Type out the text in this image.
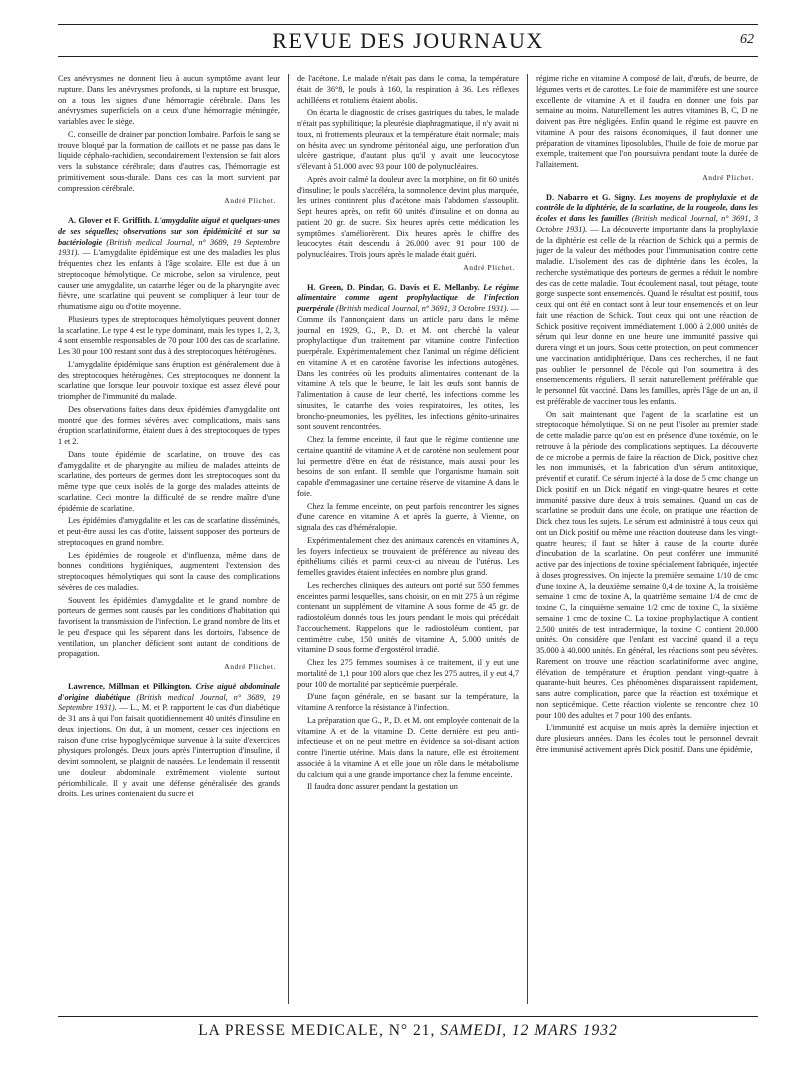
REVUE DES JOURNAUX	62

Ces anévrysmes ne donnent lieu à aucun symptôme avant leur rupture. Dans les anévrysmes profonds, si la rupture est brusque, on a tous les signes d'une hémorragie cérébrale. Dans les anévrysmes superficiels on a ceux d'une hémorragie méningée, variables avec le siège.

C. conseille de drainer par ponction lombaire. Parfois le sang se trouve bloqué par la formation de caillots et ne passe pas dans le liquide céphalo-rachidien, secondairement l'extension se fait alors vers la substance cérébrale; dans d'autres cas, l'hémorragie est primitivement sous-durale. Dans ces cas la mort survient par compression cérébrale.

André Plichet.

A. Glover et F. Griffith. L'amygdalite aiguë et quelques-unes de ses séquelles; observations sur son épidémicité et sur sa bactériologie (British medical Journal, n° 3689, 19 Septembre 1931). — L'amygdalite épidémique est une des maladies les plus fréquentes chez les enfants à l'âge scolaire. Elle est due à un streptocoque hémolytique. Ce microbe, selon sa virulence, peut causer une amygdalite, un catarrhe léger ou de la pharyngite avec fièvre, une scarlatine qui peuvent se compliquer à leur tour de rhumatisme aigu ou d'otite moyenne.

Plusieurs types de streptocoques hémolytiques peuvent donner la scarlatine. Le type 4 est le type dominant, mais les types 1, 2, 3, 4 sont ensemble responsables de 70 pour 100 des cas de scarlatine. Les 30 pour 100 restant sont dus à des streptocoques hétérogènes.

L'amygdalite épidémique sans éruption est généralement due à des streptocoques hétérogènes. Ces streptocoques ne donnent la scarlatine que lorsque leur pouvoir toxique est assez élevé pour triompher de l'immunité du malade.

Des observations faites dans deux épidémies d'amygdalite ont montré que des formes sévères avec complications, mais sans éruption scarlatiniforme, étaient dues à des streptocoques de types 1 et 2.

Dans toute épidémie de scarlatine, on trouve des cas d'amygdalite et de pharyngite au milieu de malades atteints de scarlatine, des porteurs de germes dont les streptocoques sont du même type que ceux isolés de la gorge des malades atteints de scarlatine. Ceci montre la difficulté de se rendre maître d'une épidémie de scarlatine.

Les épidémies d'amygdalite et les cas de scarlatine disséminés, et peut-être aussi les cas d'otite, laissent supposer des porteurs de streptocoques en grand nombre.

Les épidémies de rougeole et d'influenza, même dans de bonnes conditions hygiéniques, augmentent l'extension des streptocoques hémolytiques qui sont la cause des complications sévères de ces maladies.

Souvent les épidémies d'amygdalite et le grand nombre de porteurs de germes sont causés par les conditions d'habitation qui favorisent la transmission de l'infection. Le grand nombre de lits et le peu d'espace qui les séparent dans les dortoirs, l'absence de ventilation, un plancher déficient sont autant de conditions de propagation.

André Plichet.

Lawrence, Millman et Pilkington. Crise aiguë abdominale d'origine diabétique (British medical Journal, n° 3689, 19 Septembre 1931). — L., M. et P. rapportent le cas d'un diabétique de 31 ans à qui l'on faisait quotidiennement 40 unités d'insuline en deux injections. On dut, à un moment, cesser ces injections en raison d'une crise hypoglycémique survenue à la suite d'exercices physiques prolongés. Deux jours après l'interruption d'insuline, il devint somnolent, se plaignit de nausées. Le lendemain il ressentit une douleur abdominale extrêmement violente surtout périombilicale. Il y avait une défense généralisée des grands droits. Les urines contenaient du sucre et

de l'acétone. Le malade n'était pas dans le coma, la température était de 36°8, le pouls à 160, la respiration à 36. Les réflexes achilléens et rotuliens étaient abolis.

On écarta le diagnostic de crises gastriques du tabes, le malade n'était pas syphilitique; la pleurésie diaphragmatique, il n'y avait ni toux, ni frottements pleuraux et la température était normale; mais on hésita avec un syndrome péritonéal aigu, une perforation d'un ulcère gastrique, d'autant plus qu'il y avait une leucocytose s'élevant à 51.000 avec 93 pour 100 de polynucléaires.

Après avoir calmé la douleur avec la morphine, on fit 60 unités d'insuline; le pouls s'accéléra, la somnolence devint plus marquée, les urines continrent plus d'acétone mais l'abdomen s'assouplit. Sept heures après, on refit 60 unités d'insuline et on donna au patient 20 gr. de sucre. Six heures après cette médication les symptômes s'améliorèrent. Dix heures après le chiffre des leucocytes était descendu à 26.000 avec 91 pour 100 de polynucléaires. Trois jours après le malade était guéri.

André Plichet.

H. Green, D. Pindar, G. Davis et E. Mellanby. Le régime alimentaire comme agent prophylactique de l'infection puerpérale (British medical Journal, n° 3691, 3 Octobre 1931). — Comme ils l'annonçaient dans un article paru dans le même journal en 1929, G., P., D. et M. ont cherché la valeur prophylactique d'un traitement par vitamine contre l'infection puerpérale. Expérimentalement chez l'animal un régime déficient en vitamine A et en carotène favorise les infections autogènes. Dans les contrées où les produits alimentaires contenant de la vitamine A tels que le beurre, le lait les œufs sont bannis de l'alimentation à cause de leur cherté, les infections comme les sinusites, le catarrhe des voies respiratoires, les otites, les broncho-pneumonies, les pyélites, les infections génito-urinaires sont souvent rencontrées.

Chez la femme enceinte, il faut que le régime contienne une certaine quantité de vitamine A et de carotène non seulement pour lui permettre d'être en état de résistance, mais aussi pour les besoins de son enfant. Il semble que l'organisme humain soit capable d'emmagasiner une certaine réserve de vitamine A dans le foie.

Chez la femme enceinte, on peut parfois rencontrer les signes d'une carence en vitamine A et après la guerre, à Vienne, on signala des cas d'héméralopie.

Expérimentalement chez des animaux carencés en vitamines A, les foyers infectieux se trouvaient de préférence au niveau des épithéliums ciliés et parmi ceux-ci au niveau de l'utérus. Les femelles gravides étaient infectées en nombre plus grand.

Les recherches cliniques des auteurs ont porté sur 550 femmes enceintes parmi lesquelles, sans choisir, on en mit 275 à un régime contenant un supplément de vitamine A sous forme de 45 gr. de radiostoléum donnés tous les jours pendant le mois qui précédait l'accouchement. Rappelons que le radiostoléum contient, par centimètre cube, 150 unités de vitamine A, 5.000 unités de vitamine D sous forme d'ergostérol irradié.

Chez les 275 femmes soumises à ce traitement, il y eut une mortalité de 1,1 pour 100 alors que chez les 275 autres, il y eut 4,7 pour 100 de mortalité par septicémie puerpérale.

D'une façon générale, en se basant sur la température, la vitamine A renforce la résistance à l'infection.

La préparation que G., P., D. et M. ont employée contenait de la vitamine A et de la vitamine D. Cette dernière est peu anti-infectieuse et on ne peut mettre en évidence sa soi-disant action contre l'inertie utérine. Mais dans la nature, elle est étroitement associée à la vitamine A et elle joue un rôle dans le métabolisme du calcium qui a une grande importance chez la femme enceinte.

Il faudra donc assurer pendant la gestation un

régime riche en vitamine A composé de lait, d'œufs, de beurre, de légumes verts et de carottes. Le foie de mammifère est une source excellente de vitamine A et il faudra en donner une fois par semaine au moins. Naturellement les autres vitamines B, C, D ne doivent pas être négligées. Enfin quand le régime est pauvre en vitamine A pour des raisons économiques, il faut donner une préparation de vitamines liposolubles, l'huile de foie de morue par exemple, traitement que l'on poursuivra pendant toute la durée de l'allaitement.

André Plichet.

D. Nabarro et G. Signy. Les moyens de prophylaxie et de contrôle de la diphtérie, de la scarlatine, de la rougeole, dans les écoles et dans les familles (British medical Journal, n° 3691, 3 Octobre 1931). — La découverte importante dans la prophylaxie de la diphtérie est celle de la réaction de Schick qui a permis de juger de la valeur des méthodes pour l'immunisation contre cette maladie. L'isolement des cas de diphtérie dans les écoles, la recherche systématique des porteurs de germes a réduit le nombre des cas de cette maladie. Tout écoulement nasal, tout pétage, toute gorge suspecte sont ensemencés. Quand le résultat est positif, tous ceux qui ont été en contact sont à leur tour ensemencés et on leur fait une réaction de Schick. Tout ceux qui ont une réaction de Schick positive reçoivent immédiatement 1.000 à 2.000 unités de sérum qui leur donne en une heure une immunité passive qui durera vingt et un jours. Sous cette protection, on peut commencer une vaccination antidiphtérique. Dans ces recherches, il ne faut pas oublier le personnel de l'école qui l'on soumettra à des ensemencements réguliers. Il serait naturellement préférable que le personnel fût vacciné. Dans les familles, après l'âge de un an, il est préférable de vacciner tous les enfants.

On sait maintenant que l'agent de la scarlatine est un streptocoque hémolytique. Si on ne peut l'isoler au premier stade de cette maladie parce qu'on est en présence d'une toxémie, on le retrouve à la période des complications septiques. La découverte de ce microbe a permis de faire la réaction de Dick, positive chez les non immunisés, et la fabrication d'un sérum antitoxique, préventif et curatif. Ce sérum injecté à la dose de 5 cmc change un Dick positif en un Dick négatif en vingt-quatre heures et cette immunité passive dure deux à trois semaines. Quand un cas de scarlatine se produit dans une école, on pratique une réaction de Dick chez tous les sujets. Le sérum est administré à tous ceux qui ont un Dick positif ou même une réaction douteuse dans les vingt-quatre heures; il faut se hâter à cause de la courte durée d'incubation de la scarlatine. On peut conférer une immunité active par des injections de toxine spécialement fabriquée, injectée à doses progressives. On injecte la première semaine 1/10 de cmc d'une toxine A, la deuxième semaine 0,4 de toxine A, la troisième semaine 1 cmc de toxine A, la quatrième semaine 1/4 de cmc de toxine C, la cinquième semaine 1/2 cmc de toxine C, la sixième semaine 1 cmc de toxine C. La toxine prophylactique A contient 2.500 unités de test intradermique, la toxine C contient 20.000 unités. On considère que l'enfant est vacciné quand il a reçu 35.000 à 40.000 unités. En général, les réactions sont peu sévères. Rarement on trouve une réaction scarlatiniforme avec angine, élévation de température et éruption pendant vingt-quatre à quarante-huit heures. Ces phénomènes disparaissent rapidement, sans autre complication, parce que la réaction est toxémique et non septicémique. Cette réaction violente se rencontre chez 10 pour 100 des adultes et 7 pour 100 des enfants.

L'immunité est acquise un mois après la dernière injection et dure plusieurs années. Dans les écoles tout le personnel devrait être immunisé activement après Dick positif. Dans une épidémie,

LA PRESSE MEDICALE, N° 21, SAMEDI, 12 MARS 1932
